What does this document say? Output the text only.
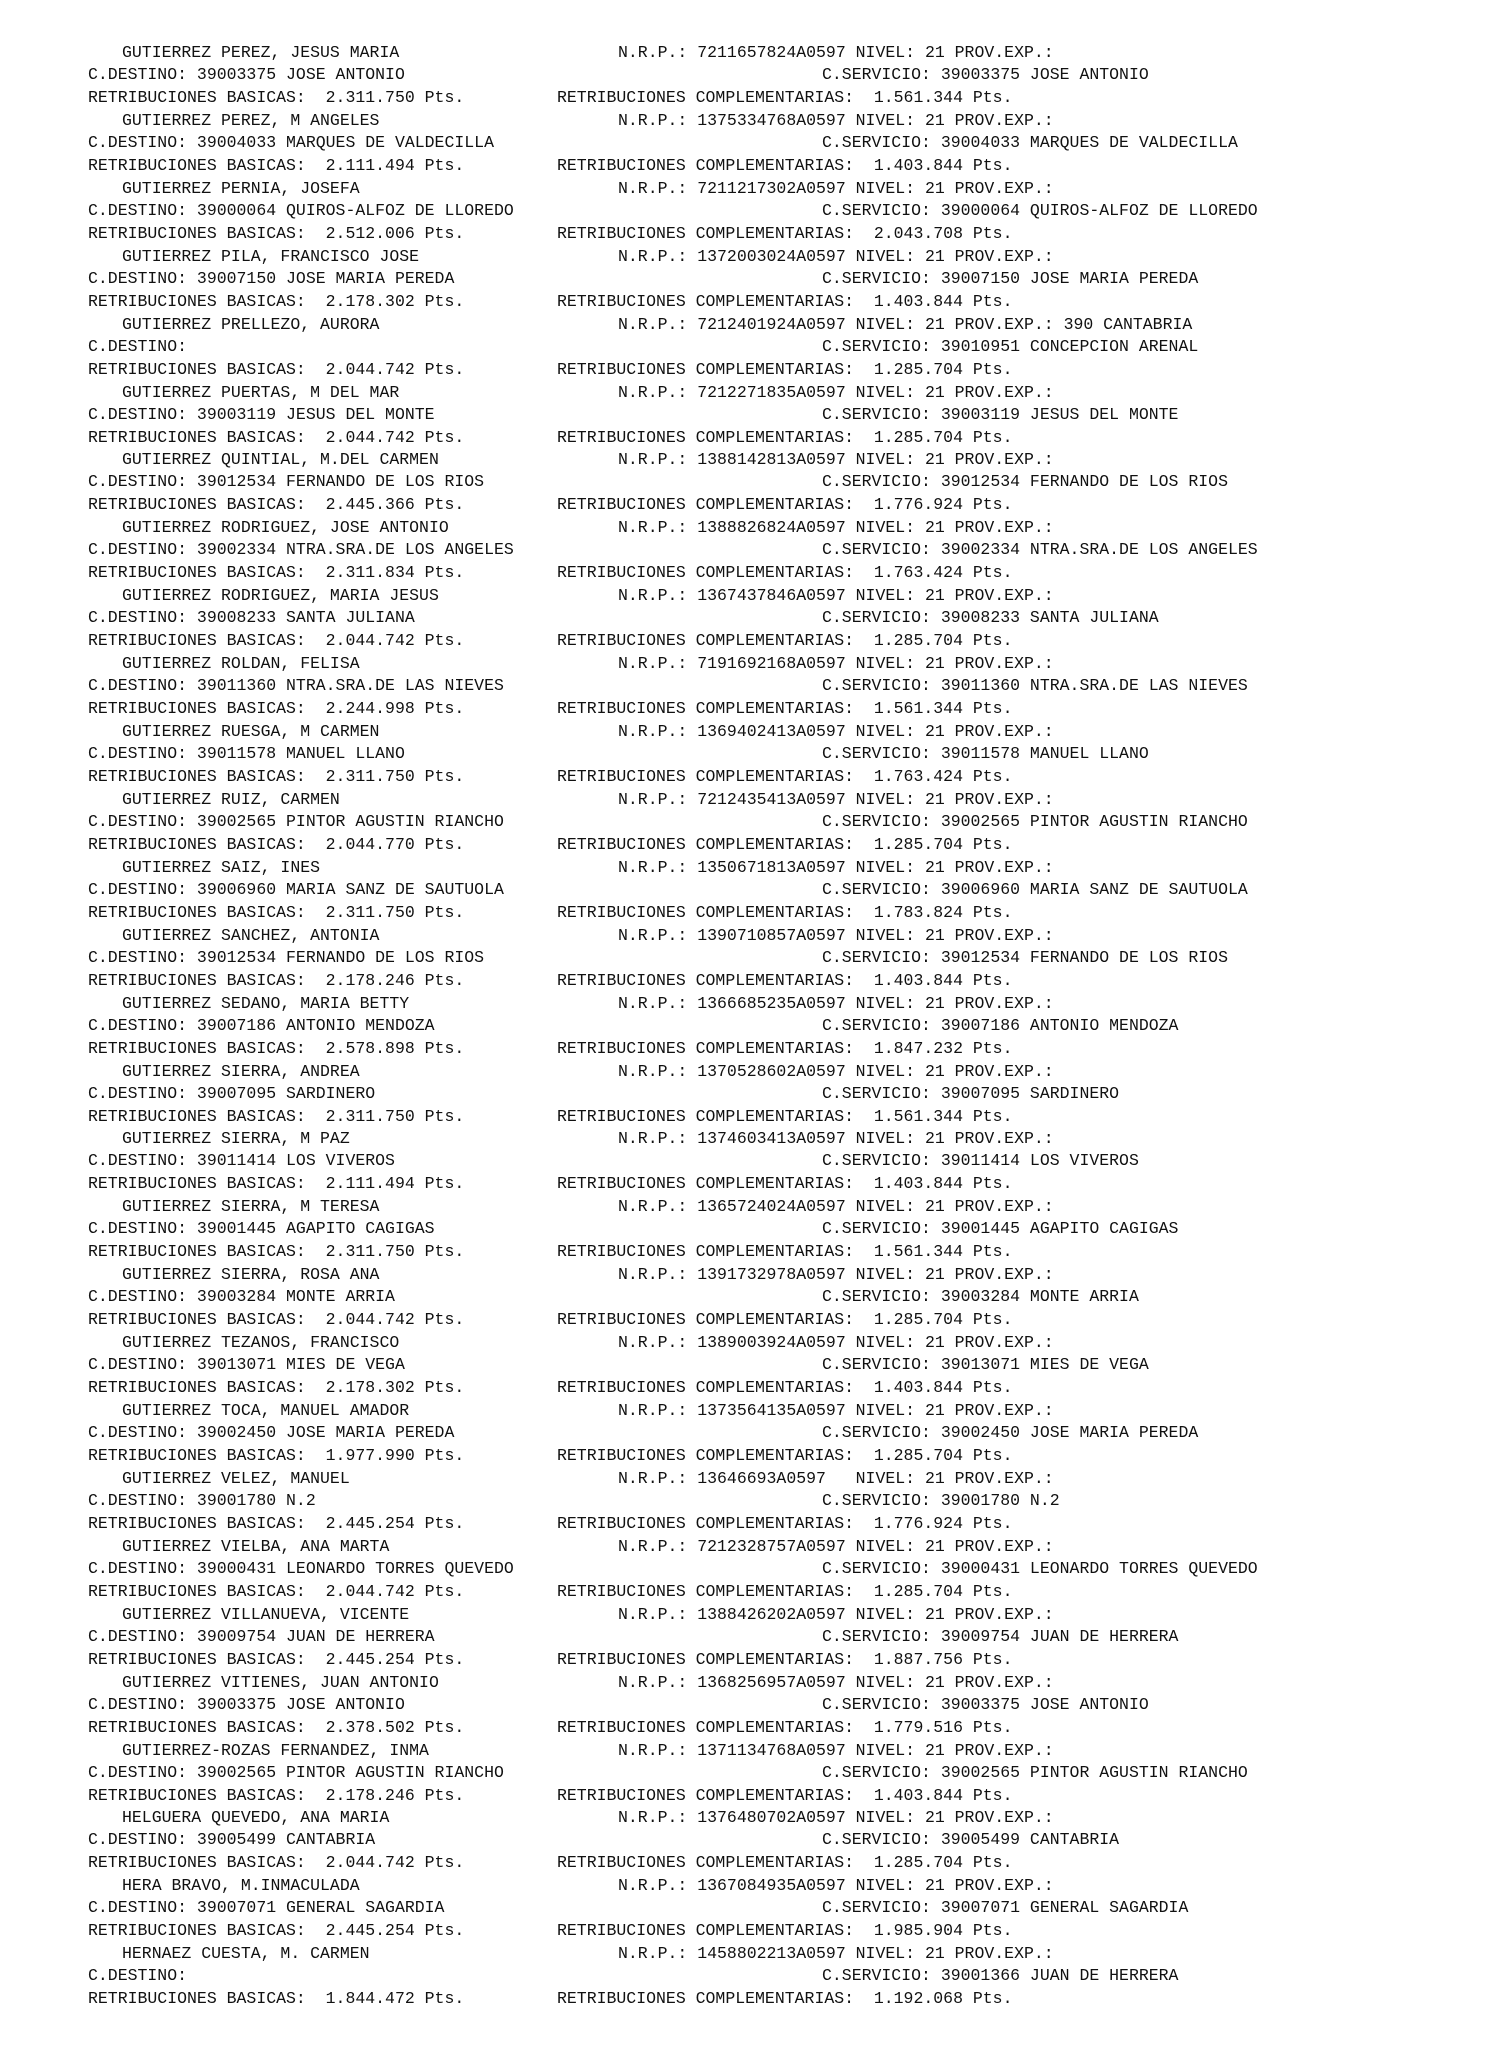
GUTIERREZ PEREZ, JESUS MARIA	N.R.P.: 7211657824A0597 NIVEL: 21 PROV.EXP.:
C.DESTINO: 39003375 JOSE ANTONIO	C.SERVICIO: 39003375 JOSE ANTONIO
RETRIBUCIONES BASICAS:  2.311.750 Pts.	RETRIBUCIONES COMPLEMENTARIAS:  1.561.344 Pts.
GUTIERREZ PEREZ, M ANGELES	N.R.P.: 1375334768A0597 NIVEL: 21 PROV.EXP.:
C.DESTINO: 39004033 MARQUES DE VALDECILLA	C.SERVICIO: 39004033 MARQUES DE VALDECILLA
RETRIBUCIONES BASICAS:  2.111.494 Pts.	RETRIBUCIONES COMPLEMENTARIAS:  1.403.844 Pts.
GUTIERREZ PERNIA, JOSEFA	N.R.P.: 7211217302A0597 NIVEL: 21 PROV.EXP.:
C.DESTINO: 39000064 QUIROS-ALFOZ DE LLOREDO	C.SERVICIO: 39000064 QUIROS-ALFOZ DE LLOREDO
RETRIBUCIONES BASICAS:  2.512.006 Pts.	RETRIBUCIONES COMPLEMENTARIAS:  2.043.708 Pts.
GUTIERREZ PILA, FRANCISCO JOSE	N.R.P.: 1372003024A0597 NIVEL: 21 PROV.EXP.:
C.DESTINO: 39007150 JOSE MARIA PEREDA	C.SERVICIO: 39007150 JOSE MARIA PEREDA
RETRIBUCIONES BASICAS:  2.178.302 Pts.	RETRIBUCIONES COMPLEMENTARIAS:  1.403.844 Pts.
GUTIERREZ PRELLEZO, AURORA	N.R.P.: 7212401924A0597 NIVEL: 21 PROV.EXP.: 390 CANTABRIA
C.DESTINO:	C.SERVICIO: 39010951 CONCEPCION ARENAL
RETRIBUCIONES BASICAS:  2.044.742 Pts.	RETRIBUCIONES COMPLEMENTARIAS:  1.285.704 Pts.
GUTIERREZ PUERTAS, M DEL MAR	N.R.P.: 7212271835A0597 NIVEL: 21 PROV.EXP.:
C.DESTINO: 39003119 JESUS DEL MONTE	C.SERVICIO: 39003119 JESUS DEL MONTE
RETRIBUCIONES BASICAS:  2.044.742 Pts.	RETRIBUCIONES COMPLEMENTARIAS:  1.285.704 Pts.
GUTIERREZ QUINTIAL, M.DEL CARMEN	N.R.P.: 1388142813A0597 NIVEL: 21 PROV.EXP.:
C.DESTINO: 39012534 FERNANDO DE LOS RIOS	C.SERVICIO: 39012534 FERNANDO DE LOS RIOS
RETRIBUCIONES BASICAS:  2.445.366 Pts.	RETRIBUCIONES COMPLEMENTARIAS:  1.776.924 Pts.
GUTIERREZ RODRIGUEZ, JOSE ANTONIO	N.R.P.: 1388826824A0597 NIVEL: 21 PROV.EXP.:
C.DESTINO: 39002334 NTRA.SRA.DE LOS ANGELES	C.SERVICIO: 39002334 NTRA.SRA.DE LOS ANGELES
RETRIBUCIONES BASICAS:  2.311.834 Pts.	RETRIBUCIONES COMPLEMENTARIAS:  1.763.424 Pts.
GUTIERREZ RODRIGUEZ, MARIA JESUS	N.R.P.: 1367437846A0597 NIVEL: 21 PROV.EXP.:
C.DESTINO: 39008233 SANTA JULIANA	C.SERVICIO: 39008233 SANTA JULIANA
RETRIBUCIONES BASICAS:  2.044.742 Pts.	RETRIBUCIONES COMPLEMENTARIAS:  1.285.704 Pts.
GUTIERREZ ROLDAN, FELISA	N.R.P.: 7191692168A0597 NIVEL: 21 PROV.EXP.:
C.DESTINO: 39011360 NTRA.SRA.DE LAS NIEVES	C.SERVICIO: 39011360 NTRA.SRA.DE LAS NIEVES
RETRIBUCIONES BASICAS:  2.244.998 Pts.	RETRIBUCIONES COMPLEMENTARIAS:  1.561.344 Pts.
GUTIERREZ RUESGA, M CARMEN	N.R.P.: 1369402413A0597 NIVEL: 21 PROV.EXP.:
C.DESTINO: 39011578 MANUEL LLANO	C.SERVICIO: 39011578 MANUEL LLANO
RETRIBUCIONES BASICAS:  2.311.750 Pts.	RETRIBUCIONES COMPLEMENTARIAS:  1.763.424 Pts.
GUTIERREZ RUIZ, CARMEN	N.R.P.: 7212435413A0597 NIVEL: 21 PROV.EXP.:
C.DESTINO: 39002565 PINTOR AGUSTIN RIANCHO	C.SERVICIO: 39002565 PINTOR AGUSTIN RIANCHO
RETRIBUCIONES BASICAS:  2.044.770 Pts.	RETRIBUCIONES COMPLEMENTARIAS:  1.285.704 Pts.
GUTIERREZ SAIZ, INES	N.R.P.: 1350671813A0597 NIVEL: 21 PROV.EXP.:
C.DESTINO: 39006960 MARIA SANZ DE SAUTUOLA	C.SERVICIO: 39006960 MARIA SANZ DE SAUTUOLA
RETRIBUCIONES BASICAS:  2.311.750 Pts.	RETRIBUCIONES COMPLEMENTARIAS:  1.783.824 Pts.
GUTIERREZ SANCHEZ, ANTONIA	N.R.P.: 1390710857A0597 NIVEL: 21 PROV.EXP.:
C.DESTINO: 39012534 FERNANDO DE LOS RIOS	C.SERVICIO: 39012534 FERNANDO DE LOS RIOS
RETRIBUCIONES BASICAS:  2.178.246 Pts.	RETRIBUCIONES COMPLEMENTARIAS:  1.403.844 Pts.
GUTIERREZ SEDANO, MARIA BETTY	N.R.P.: 1366685235A0597 NIVEL: 21 PROV.EXP.:
C.DESTINO: 39007186 ANTONIO MENDOZA	C.SERVICIO: 39007186 ANTONIO MENDOZA
RETRIBUCIONES BASICAS:  2.578.898 Pts.	RETRIBUCIONES COMPLEMENTARIAS:  1.847.232 Pts.
GUTIERREZ SIERRA, ANDREA	N.R.P.: 1370528602A0597 NIVEL: 21 PROV.EXP.:
C.DESTINO: 39007095 SARDINERO	C.SERVICIO: 39007095 SARDINERO
RETRIBUCIONES BASICAS:  2.311.750 Pts.	RETRIBUCIONES COMPLEMENTARIAS:  1.561.344 Pts.
GUTIERREZ SIERRA, M PAZ	N.R.P.: 1374603413A0597 NIVEL: 21 PROV.EXP.:
C.DESTINO: 39011414 LOS VIVEROS	C.SERVICIO: 39011414 LOS VIVEROS
RETRIBUCIONES BASICAS:  2.111.494 Pts.	RETRIBUCIONES COMPLEMENTARIAS:  1.403.844 Pts.
GUTIERREZ SIERRA, M TERESA	N.R.P.: 1365724024A0597 NIVEL: 21 PROV.EXP.:
C.DESTINO: 39001445 AGAPITO CAGIGAS	C.SERVICIO: 39001445 AGAPITO CAGIGAS
RETRIBUCIONES BASICAS:  2.311.750 Pts.	RETRIBUCIONES COMPLEMENTARIAS:  1.561.344 Pts.
GUTIERREZ SIERRA, ROSA ANA	N.R.P.: 1391732978A0597 NIVEL: 21 PROV.EXP.:
C.DESTINO: 39003284 MONTE ARRIA	C.SERVICIO: 39003284 MONTE ARRIA
RETRIBUCIONES BASICAS:  2.044.742 Pts.	RETRIBUCIONES COMPLEMENTARIAS:  1.285.704 Pts.
GUTIERREZ TEZANOS, FRANCISCO	N.R.P.: 1389003924A0597 NIVEL: 21 PROV.EXP.:
C.DESTINO: 39013071 MIES DE VEGA	C.SERVICIO: 39013071 MIES DE VEGA
RETRIBUCIONES BASICAS:  2.178.302 Pts.	RETRIBUCIONES COMPLEMENTARIAS:  1.403.844 Pts.
GUTIERREZ TOCA, MANUEL AMADOR	N.R.P.: 1373564135A0597 NIVEL: 21 PROV.EXP.:
C.DESTINO: 39002450 JOSE MARIA PEREDA	C.SERVICIO: 39002450 JOSE MARIA PEREDA
RETRIBUCIONES BASICAS:  1.977.990 Pts.	RETRIBUCIONES COMPLEMENTARIAS:  1.285.704 Pts.
GUTIERREZ VELEZ, MANUEL	N.R.P.: 13646693A0597   NIVEL: 21 PROV.EXP.:
C.DESTINO: 39001780 N.2	C.SERVICIO: 39001780 N.2
RETRIBUCIONES BASICAS:  2.445.254 Pts.	RETRIBUCIONES COMPLEMENTARIAS:  1.776.924 Pts.
GUTIERREZ VIELBA, ANA MARTA	N.R.P.: 7212328757A0597 NIVEL: 21 PROV.EXP.:
C.DESTINO: 39000431 LEONARDO TORRES QUEVEDO	C.SERVICIO: 39000431 LEONARDO TORRES QUEVEDO
RETRIBUCIONES BASICAS:  2.044.742 Pts.	RETRIBUCIONES COMPLEMENTARIAS:  1.285.704 Pts.
GUTIERREZ VILLANUEVA, VICENTE	N.R.P.: 1388426202A0597 NIVEL: 21 PROV.EXP.:
C.DESTINO: 39009754 JUAN DE HERRERA	C.SERVICIO: 39009754 JUAN DE HERRERA
RETRIBUCIONES BASICAS:  2.445.254 Pts.	RETRIBUCIONES COMPLEMENTARIAS:  1.887.756 Pts.
GUTIERREZ VITIENES, JUAN ANTONIO	N.R.P.: 1368256957A0597 NIVEL: 21 PROV.EXP.:
C.DESTINO: 39003375 JOSE ANTONIO	C.SERVICIO: 39003375 JOSE ANTONIO
RETRIBUCIONES BASICAS:  2.378.502 Pts.	RETRIBUCIONES COMPLEMENTARIAS:  1.779.516 Pts.
GUTIERREZ-ROZAS FERNANDEZ, INMA	N.R.P.: 1371134768A0597 NIVEL: 21 PROV.EXP.:
C.DESTINO: 39002565 PINTOR AGUSTIN RIANCHO	C.SERVICIO: 39002565 PINTOR AGUSTIN RIANCHO
RETRIBUCIONES BASICAS:  2.178.246 Pts.	RETRIBUCIONES COMPLEMENTARIAS:  1.403.844 Pts.
HELGUERA QUEVEDO, ANA MARIA	N.R.P.: 1376480702A0597 NIVEL: 21 PROV.EXP.:
C.DESTINO: 39005499 CANTABRIA	C.SERVICIO: 39005499 CANTABRIA
RETRIBUCIONES BASICAS:  2.044.742 Pts.	RETRIBUCIONES COMPLEMENTARIAS:  1.285.704 Pts.
HERA BRAVO, M.INMACULADA	N.R.P.: 1367084935A0597 NIVEL: 21 PROV.EXP.:
C.DESTINO: 39007071 GENERAL SAGARDIA	C.SERVICIO: 39007071 GENERAL SAGARDIA
RETRIBUCIONES BASICAS:  2.445.254 Pts.	RETRIBUCIONES COMPLEMENTARIAS:  1.985.904 Pts.
HERNAEZ CUESTA, M. CARMEN	N.R.P.: 1458802213A0597 NIVEL: 21 PROV.EXP.:
C.DESTINO:	C.SERVICIO: 39001366 JUAN DE HERRERA
RETRIBUCIONES BASICAS:  1.844.472 Pts.	RETRIBUCIONES COMPLEMENTARIAS:  1.192.068 Pts.
